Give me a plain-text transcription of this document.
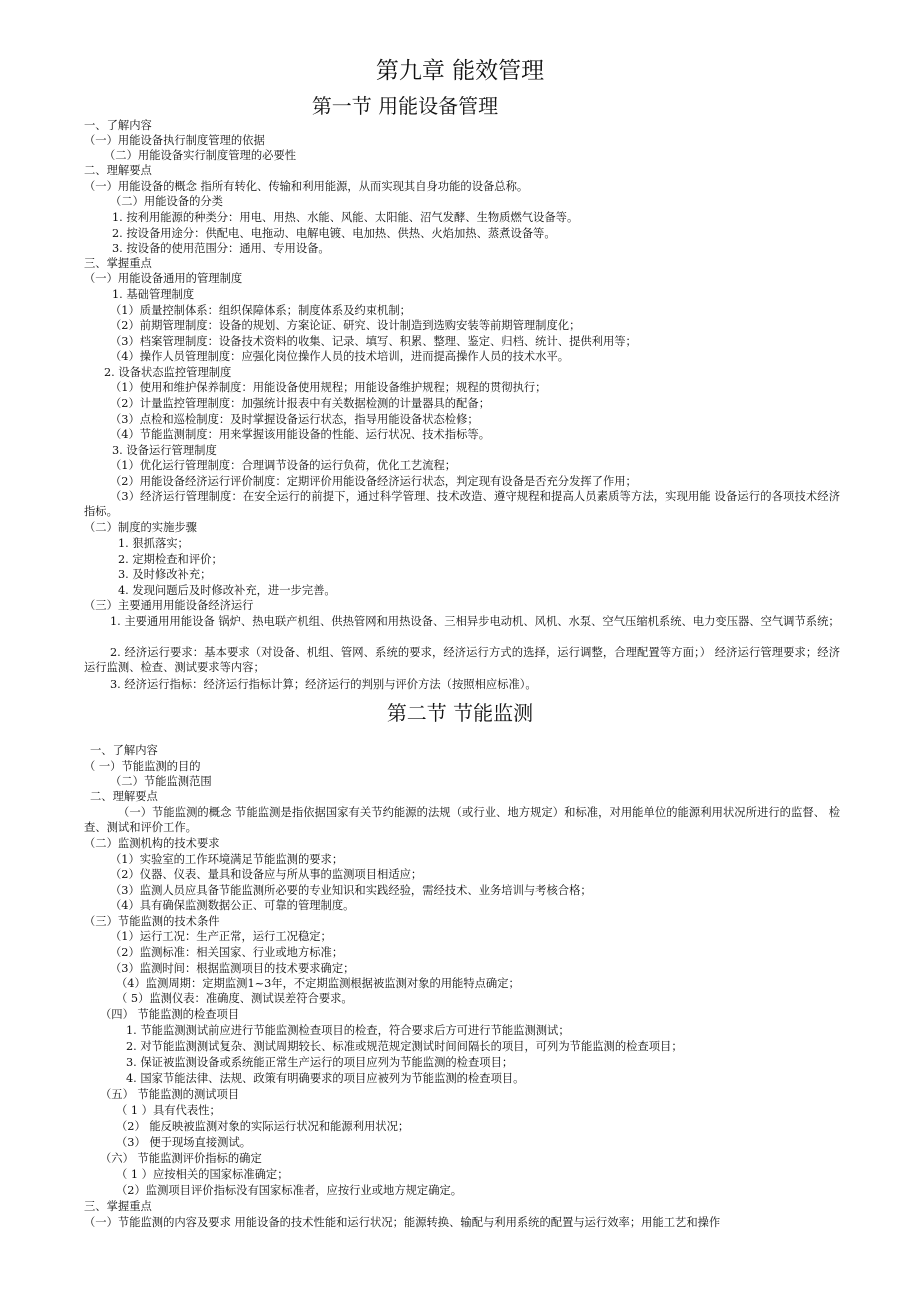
第九章 能效管理
第一节 用能设备管理
一、了解内容
（一）用能设备执行制度管理的依据
（二）用能设备实行制度管理的必要性
二、理解要点
（一）用能设备的概念 指所有转化、传输和利用能源，从而实现其自身功能的设备总称。
（二）用能设备的分类
1. 按利用能源的种类分：用电、用热、水能、风能、太阳能、沼气发酵、生物质燃气设备等。
2. 按设备用途分：供配电、电拖动、电解电镀、电加热、供热、火焰加热、蒸煮设备等。
3. 按设备的使用范围分：通用、专用设备。
三、掌握重点
（一）用能设备通用的管理制度
1. 基础管理制度
（1）质量控制体系：组织保障体系；制度体系及约束机制；
（2）前期管理制度：设备的规划、方案论证、研究、设计制造到选购安装等前期管理制度化；
（3）档案管理制度：设备技术资料的收集、记录、填写、积累、整理、鉴定、归档、统计、提供利用等；
（4）操作人员管理制度：应强化岗位操作人员的技术培训，进而提高操作人员的技术水平。
2. 设备状态监控管理制度
（1）使用和维护保养制度：用能设备使用规程；用能设备维护规程；规程的贯彻执行；
（2）计量监控管理制度：加强统计报表中有关数据检测的计量器具的配备；
（3）点检和巡检制度：及时掌握设备运行状态，指导用能设备状态检修；
（4）节能监测制度：用来掌握该用能设备的性能、运行状况、技术指标等。
3. 设备运行管理制度
（1）优化运行管理制度：合理调节设备的运行负荷，优化工艺流程；
（2）用能设备经济运行评价制度：定期评价用能设备经济运行状态，判定现有设备是否充分发挥了作用；
（3）经济运行管理制度：在安全运行的前提下，通过科学管理、技术改造、遵守规程和提高人员素质等方法，实现用能 设备运行的各项技术经济指标。
（二）制度的实施步骤
1. 狠抓落实；
2. 定期检查和评价；
3. 及时修改补充；
4. 发现问题后及时修改补充，进一步完善。
（三）主要通用用能设备经济运行
1. 主要通用用能设备 锅炉、热电联产机组、供热管网和用热设备、三相异步电动机、风机、水泵、空气压缩机系统、电力变压器、空气调节系统；
2. 经济运行要求：基本要求（对设备、机组、管网、系统的要求，经济运行方式的选择，运行调整，合理配置等方面；） 经济运行管理要求；经济运行监测、检查、测试要求等内容；
3. 经济运行指标：经济运行指标计算；经济运行的判别与评价方法（按照相应标准）。
第二节 节能监测
一、了解内容
（ 一）节能监测的目的
（二）节能监测范围
二、理解要点
（一）节能监测的概念 节能监测是指依据国家有关节约能源的法规（或行业、地方规定）和标准，对用能单位的能源利用状况所进行的监督、 检查、测试和评价工作。
（二）监测机构的技术要求
（1）实验室的工作环境满足节能监测的要求；
（2）仪器、仪表、量具和设备应与所从事的监测项目相适应；
（3）监测人员应具备节能监测所必要的专业知识和实践经验，需经技术、业务培训与考核合格；
（4）具有确保监测数据公正、可靠的管理制度。
（三）节能监测的技术条件
（1）运行工况：生产正常，运行工况稳定；
（2）监测标准：相关国家、行业或地方标准；
（3）监测时间：根据监测项目的技术要求确定；
（4）监测周期：定期监测1~3年，不定期监测根据被监测对象的用能特点确定；
（ 5）监测仪表：准确度、测试误差符合要求。
（四） 节能监测的检查项目
1. 节能监测测试前应进行节能监测检查项目的检查，符合要求后方可进行节能监测测试；
2. 对节能监测测试复杂、测试周期较长、标准或规范规定测试时间间隔长的项目，可列为节能监测的检查项目；
3. 保证被监测设备或系统能正常生产运行的项目应列为节能监测的检查项目；
4. 国家节能法律、法规、政策有明确要求的项目应被列为节能监测的检查项目。
（五） 节能监测的测试项目
（ 1 ）具有代表性；
（2） 能反映被监测对象的实际运行状况和能源利用状况；
（3） 便于现场直接测试。
（六） 节能监测评价指标的确定
（ 1 ）应按相关的国家标准确定；
（2）监测项目评价指标没有国家标准者，应按行业或地方规定确定。
三、掌握重点
（一）节能监测的内容及要求 用能设备的技术性能和运行状况；能源转换、输配与利用系统的配置与运行效率；用能工艺和操作
